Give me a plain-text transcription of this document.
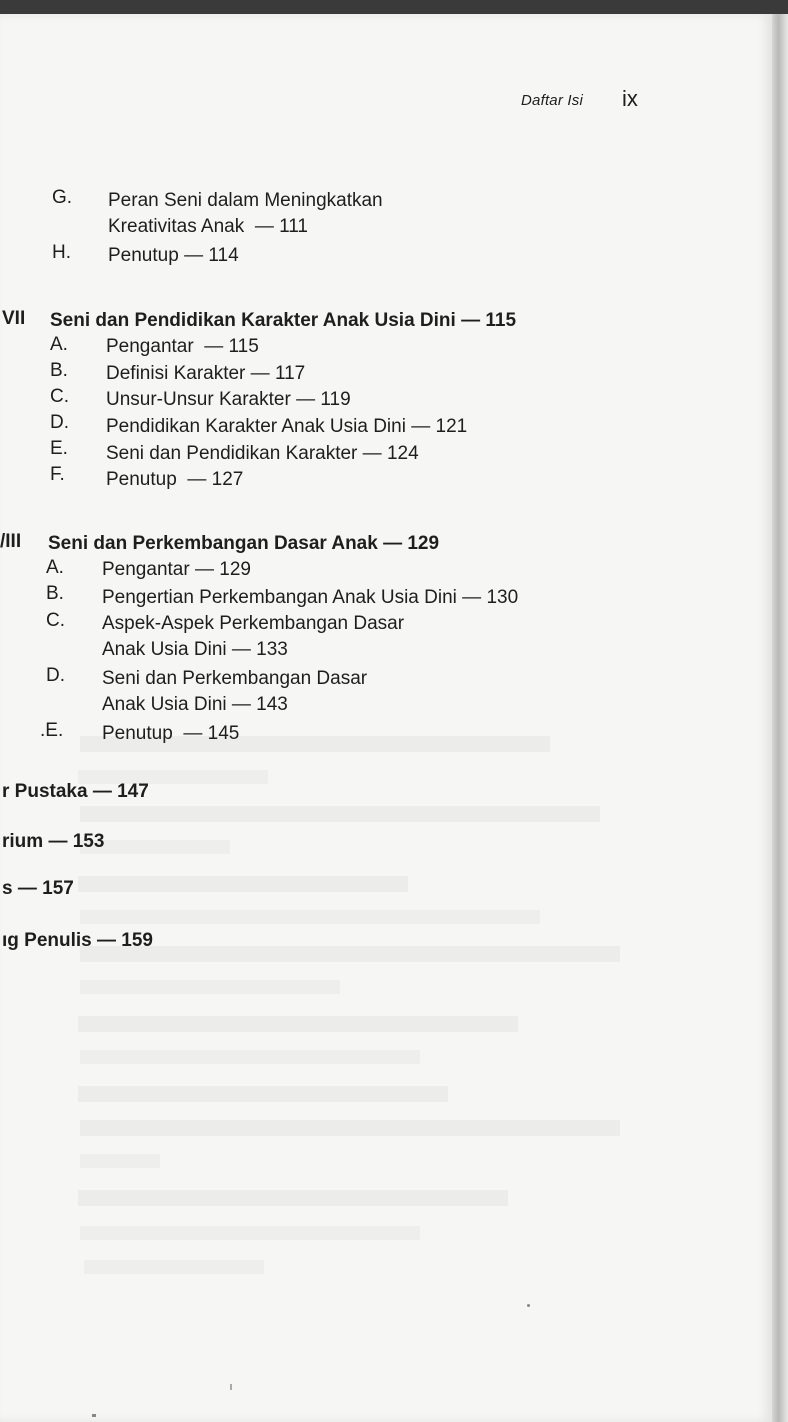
Daftar Isi ix
G. Peran Seni dalam Meningkatkan
Kreativitas Anak — 111
H. Penutup — 114
VII Seni dan Pendidikan Karakter Anak Usia Dini — 115
A. Pengantar — 115
B. Definisi Karakter — 117
C. Unsur-Unsur Karakter — 119
D. Pendidikan Karakter Anak Usia Dini — 121
E. Seni dan Pendidikan Karakter — 124
F. Penutup — 127
/III Seni dan Perkembangan Dasar Anak — 129
A. Pengantar — 129
B. Pengertian Perkembangan Anak Usia Dini — 130
C. Aspek-Aspek Perkembangan Dasar
Anak Usia Dini — 133
D. Seni dan Perkembangan Dasar
Anak Usia Dini — 143
.E. Penutup — 145
r Pustaka — 147
rium — 153
s — 157
ıg Penulis — 159
